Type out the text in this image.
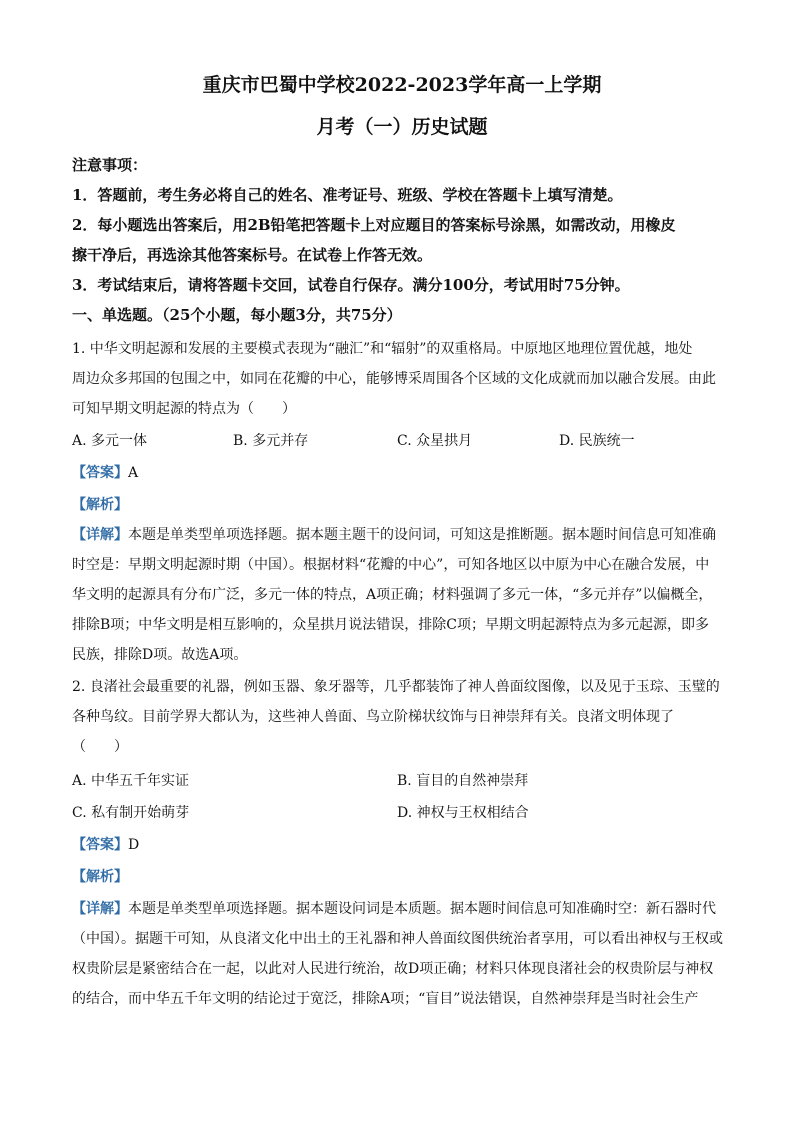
重庆市巴蜀中学校2022-2023学年高一上学期
月考（一）历史试题
注意事项：
1．答题前，考生务必将自己的姓名、准考证号、班级、学校在答题卡上填写清楚。
2．每小题选出答案后，用2B铅笔把答题卡上对应题目的答案标号涂黑，如需改动，用橡皮
擦干净后，再选涂其他答案标号。在试卷上作答无效。
3．考试结束后，请将答题卡交回，试卷自行保存。满分100分，考试用时75分钟。
一、单选题。（25个小题，每小题3分，共75分）
1. 中华文明起源和发展的主要模式表现为“融汇”和“辐射”的双重格局。中原地区地理位置优越，地处
周边众多邦国的包围之中，如同在花瓣的中心，能够博采周围各个区域的文化成就而加以融合发展。由此
可知早期文明起源的特点为（　　）
A. 多元一体	B. 多元并存	C. 众星拱月	D. 民族统一
【答案】A
【解析】
【详解】本题是单类型单项选择题。据本题主题干的设问词，可知这是推断题。据本题时间信息可知准确
时空是：早期文明起源时期（中国）。根据材料“花瓣的中心”，可知各地区以中原为中心在融合发展，中
华文明的起源具有分布广泛，多元一体的特点，A项正确；材料强调了多元一体，“多元并存”以偏概全，
排除B项；中华文明是相互影响的，众星拱月说法错误，排除C项；早期文明起源特点为多元起源，即多
民族，排除D项。故选A项。
2. 良渚社会最重要的礼器，例如玉器、象牙器等，几乎都装饰了神人兽面纹图像，以及见于玉琮、玉璧的
各种鸟纹。目前学界大都认为，这些神人兽面、鸟立阶梯状纹饰与日神崇拜有关。良渚文明体现了
（　　）
A. 中华五千年实证	B. 盲目的自然神崇拜
C. 私有制开始萌芽	D. 神权与王权相结合
【答案】D
【解析】
【详解】本题是单类型单项选择题。据本题设问词是本质题。据本题时间信息可知准确时空：新石器时代
（中国）。据题干可知，从良渚文化中出土的王礼器和神人兽面纹图供统治者享用，可以看出神权与王权或
权贵阶层是紧密结合在一起，以此对人民进行统治，故D项正确；材料只体现良渚社会的权贵阶层与神权
的结合，而中华五千年文明的结论过于宽泛，排除A项；“盲目”说法错误，自然神崇拜是当时社会生产
